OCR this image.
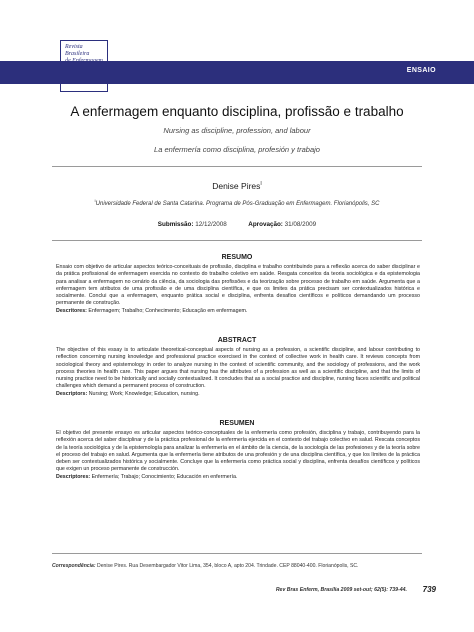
Revista
Brasileira
ENSAIO
A enfermagem enquanto disciplina, profissão e trabalho
Nursing as discipline, profession, and labour
La enfermería como disciplina, profesión y trabajo
Denise Pires$^I$
$^I$Universidade Federal de Santa Catarina. Programa de Pós-Graduação em Enfermagem. Florianópolis, SC
Submissão: 12/12/2008	Aprovação: 31/08/2009
RESUMO
Ensaio com objetivo de articular aspectos teórico-conceituais de profissão, disciplina e trabalho contribuindo para a reflexão acerca do saber disciplinar e da prática profissional de enfermagem exercida no contexto do trabalho coletivo em saúde. Resgata conceitos da teoria sociológica e da epistemologia para analisar a enfermagem no cenário da ciência, da sociologia das profissões e da teorização sobre processo de trabalho em saúde. Argumenta que a enfermagem tem atributos de uma profissão e de uma disciplina científica, e que os limites da prática precisam ser contextualizados histórica e socialmente. Conclui que a enfermagem, enquanto prática social e disciplina, enfrenta desafios científicos e políticos demandando um processo permanente de construção.
Descritores: Enfermagem; Trabalho; Conhecimento; Educação em enfermagem.
ABSTRACT
The objective of this essay is to articulate theoretical-conceptual aspects of nursing as a profession, a scientific discipline, and labour contributing to reflection concerning nursing knowledge and professional practice exercised in the context of collective work in health care. It reviews concepts from sociological theory and epistemology in order to analyze nursing in the context of scientific community, and the sociology of professions, and the work process theories in health care. This paper argues that nursing has the attributes of a profession as well as a scientific discipline, and that the limits of nursing practice need to be historically and socially contextualized. It concludes that as a social practice and discipline, nursing faces scientific and political challenges which demand a permanent process of construction.
Descriptors: Nursing; Work; Knowledge; Education, nursing.
RESUMEN
El objetivo del presente ensayo es articular aspectos teórico-conceptuales de la enfermería como profesión, disciplina y trabajo, contribuyendo para la reflexión acerca del saber disciplinar y de la práctica profesional de la enfermería ejercida en el contexto del trabajo colectivo en salud. Rescata conceptos de la teoría sociológica y de la epistemología para analizar la enfermería en el ámbito de la ciencia, de la sociología de las profesiones y de la teoría sobre el proceso del trabajo en salud. Argumenta que la enfermería tiene atributos de una profesión y de una disciplina científica, y que los límites de la práctica deben ser contextualizados histórica y socialmente. Concluye que la enfermería como práctica social y disciplina, enfrenta desafíos científicos y políticos que exigen un proceso permanente de construcción.
Descriptores: Enfermería; Trabajo; Conocimiento; Educación en enfermería.
Correspondência: Denise Pires. Rua Desembargador Vitor Lima, 354, bloco A, apto 204. Trindade. CEP 88040-400. Florianópolis, SC.
Rev Bras Enferm, Brasília 2009 set-out; 62(5): 739-44. 739
